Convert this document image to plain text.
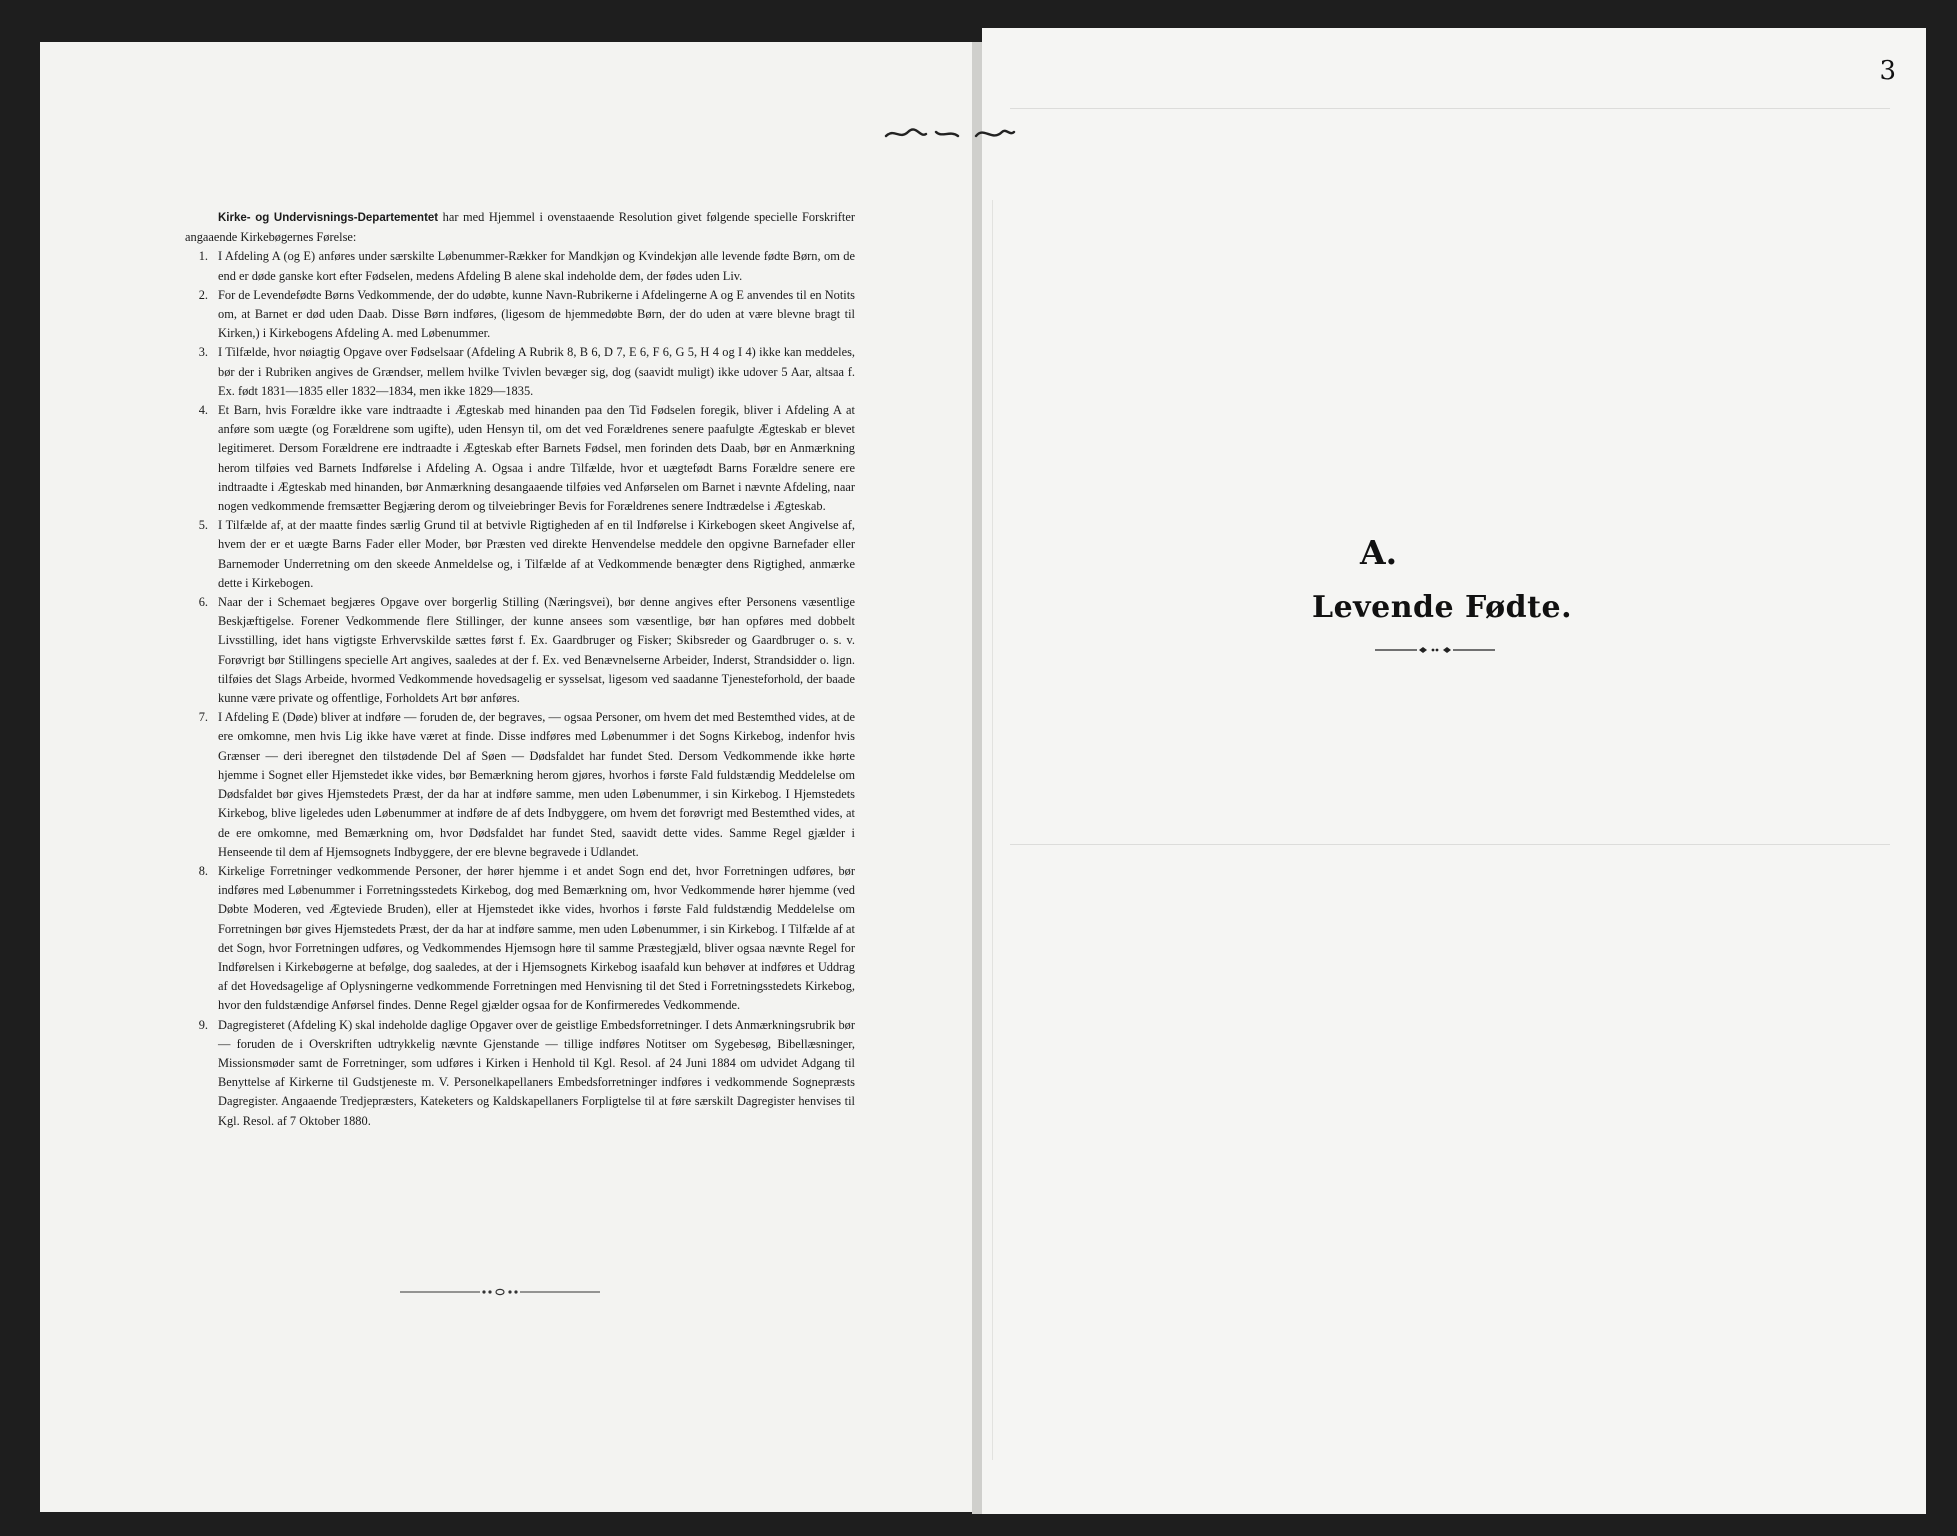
3

Kirke- og Undervisnings-Departementet har med Hjemmel i ovenstaaende Resolution givet følgende specielle Forskrifter angaaende Kirkebøgernes Førelse:

1. I Afdeling A (og E) anføres under særskilte Løbenummer-Rækker for Mandkjøn og Kvindekjøn alle levende fødte Børn, om de end er døde ganske kort efter Fødselen, medens Afdeling B alene skal indeholde dem, der fødes uden Liv.
2. For de Levendefødte Børns Vedkommende, der do udøbte, kunne Navn-Rubrikerne i Afdelingerne A og E anvendes til en Notits om, at Barnet er død uden Daab. Disse Børn indføres, (ligesom de hjemmedøbte Børn, der do uden at være blevne bragt til Kirken,) i Kirkebogens Afdeling A. med Løbenummer.
3. I Tilfælde, hvor nøiagtig Opgave over Fødselsaar (Afdeling A Rubrik 8, B 6, D 7, E 6, F 6, G 5, H 4 og I 4) ikke kan meddeles, bør der i Rubriken angives de Grændser, mellem hvilke Tvivlen bevæger sig, dog (saavidt muligt) ikke udover 5 Aar, altsaa f. Ex. født 1831—1835 eller 1832—1834, men ikke 1829—1835.
4. Et Barn, hvis Forældre ikke vare indtraadte i Ægteskab med hinanden paa den Tid Fødselen foregik, bliver i Afdeling A at anføre som uægte (og Forældrene som ugifte), uden Hensyn til, om det ved Forældrenes senere paafulgte Ægteskab er blevet legitimeret. Dersom Forældrene ere indtraadte i Ægteskab efter Barnets Fødsel, men forinden dets Daab, bør en Anmærkning herom tilføies ved Barnets Indførelse i Afdeling A. Ogsaa i andre Tilfælde, hvor et uægtefødt Barns Forældre senere ere indtraadte i Ægteskab med hinanden, bør Anmærkning desangaaende tilføies ved Anførselen om Barnet i nævnte Afdeling, naar nogen vedkommende fremsætter Begjæring derom og tilveiebringer Bevis for Forældrenes senere Indtrædelse i Ægteskab.
5. I Tilfælde af, at der maatte findes særlig Grund til at betvivle Rigtigheden af en til Indførelse i Kirkebogen skeet Angivelse af, hvem der er et uægte Barns Fader eller Moder, bør Præsten ved direkte Henvendelse meddele den opgivne Barnefader eller Barnemoder Underretning om den skeede Anmeldelse og, i Tilfælde af at Vedkommende benægter dens Rigtighed, anmærke dette i Kirkebogen.
6. Naar der i Schemaet begjæres Opgave over borgerlig Stilling (Næringsvei), bør denne angives efter Personens væsentlige Beskjæftigelse. Forener Vedkommende flere Stillinger, der kunne ansees som væsentlige, bør han opføres med dobbelt Livsstilling, idet hans vigtigste Erhvervskilde sættes først f. Ex. Gaardbruger og Fisker; Skibsreder og Gaardbruger o. s. v. Forøvrigt bør Stillingens specielle Art angives, saaledes at der f. Ex. ved Benævnelserne Arbeider, Inderst, Strandsidder o. lign. tilføies det Slags Arbeide, hvormed Vedkommende hovedsagelig er sysselsat, ligesom ved saadanne Tjenesteforhold, der baade kunne være private og offentlige, Forholdets Art bør anføres.
7. I Afdeling E (Døde) bliver at indføre — foruden de, der begraves, — ogsaa Personer, om hvem det med Bestemthed vides, at de ere omkomne, men hvis Lig ikke have været at finde. Disse indføres med Løbenummer i det Sogns Kirkebog, indenfor hvis Grænser — deri iberegnet den tilstødende Del af Søen — Dødsfaldet har fundet Sted. Dersom Vedkommende ikke hørte hjemme i Sognet eller Hjemstedet ikke vides, bør Bemærkning herom gjøres, hvorhos i første Fald fuldstændig Meddelelse om Dødsfaldet bør gives Hjemstedets Præst, der da har at indføre samme, men uden Løbenummer, i sin Kirkebog. I Hjemstedets Kirkebog, blive ligeledes uden Løbenummer at indføre de af dets Indbyggere, om hvem det forøvrigt med Bestemthed vides, at de ere omkomne, med Bemærkning om, hvor Dødsfaldet har fundet Sted, saavidt dette vides. Samme Regel gjælder i Henseende til dem af Hjemsognets Indbyggere, der ere blevne begravede i Udlandet.
8. Kirkelige Forretninger vedkommende Personer, der hører hjemme i et andet Sogn end det, hvor Forretningen udføres, bør indføres med Løbenummer i Forretningsstedets Kirkebog, dog med Bemærkning om, hvor Vedkommende hører hjemme (ved Døbte Moderen, ved Ægteviede Bruden), eller at Hjemstedet ikke vides, hvorhos i første Fald fuldstændig Meddelelse om Forretningen bør gives Hjemstedets Præst, der da har at indføre samme, men uden Løbenummer, i sin Kirkebog. I Tilfælde af at det Sogn, hvor Forretningen udføres, og Vedkommendes Hjemsogn høre til samme Præstegjæld, bliver ogsaa nævnte Regel for Indførelsen i Kirkebøgerne at befølge, dog saaledes, at der i Hjemsognets Kirkebog isaafald kun behøver at indføres et Uddrag af det Hovedsagelige af Oplysningerne vedkommende Forretningen med Henvisning til det Sted i Forretningsstedets Kirkebog, hvor den fuldstændige Anførsel findes. Denne Regel gjælder ogsaa for de Konfirmeredes Vedkommende.
9. Dagregisteret (Afdeling K) skal indeholde daglige Opgaver over de geistlige Embedsforretninger. I dets Anmærkningsrubrik bør — foruden de i Overskriften udtrykkelig nævnte Gjenstande — tillige indføres Notitser om Sygebesøg, Bibellæsninger, Missionsmøder samt de Forretninger, som udføres i Kirken i Henhold til Kgl. Resol. af 24 Juni 1884 om udvidet Adgang til Benyttelse af Kirkerne til Gudstjeneste m. V. Personelkapellaners Embedsforretninger indføres i vedkommende Sognepræsts Dagregister. Angaaende Tredjepræsters, Kateketers og Kaldskapellaners Forpligtelse til at føre særskilt Dagregister henvises til Kgl. Resol. af 7 Oktober 1880.
A.
Levende Fødte.
